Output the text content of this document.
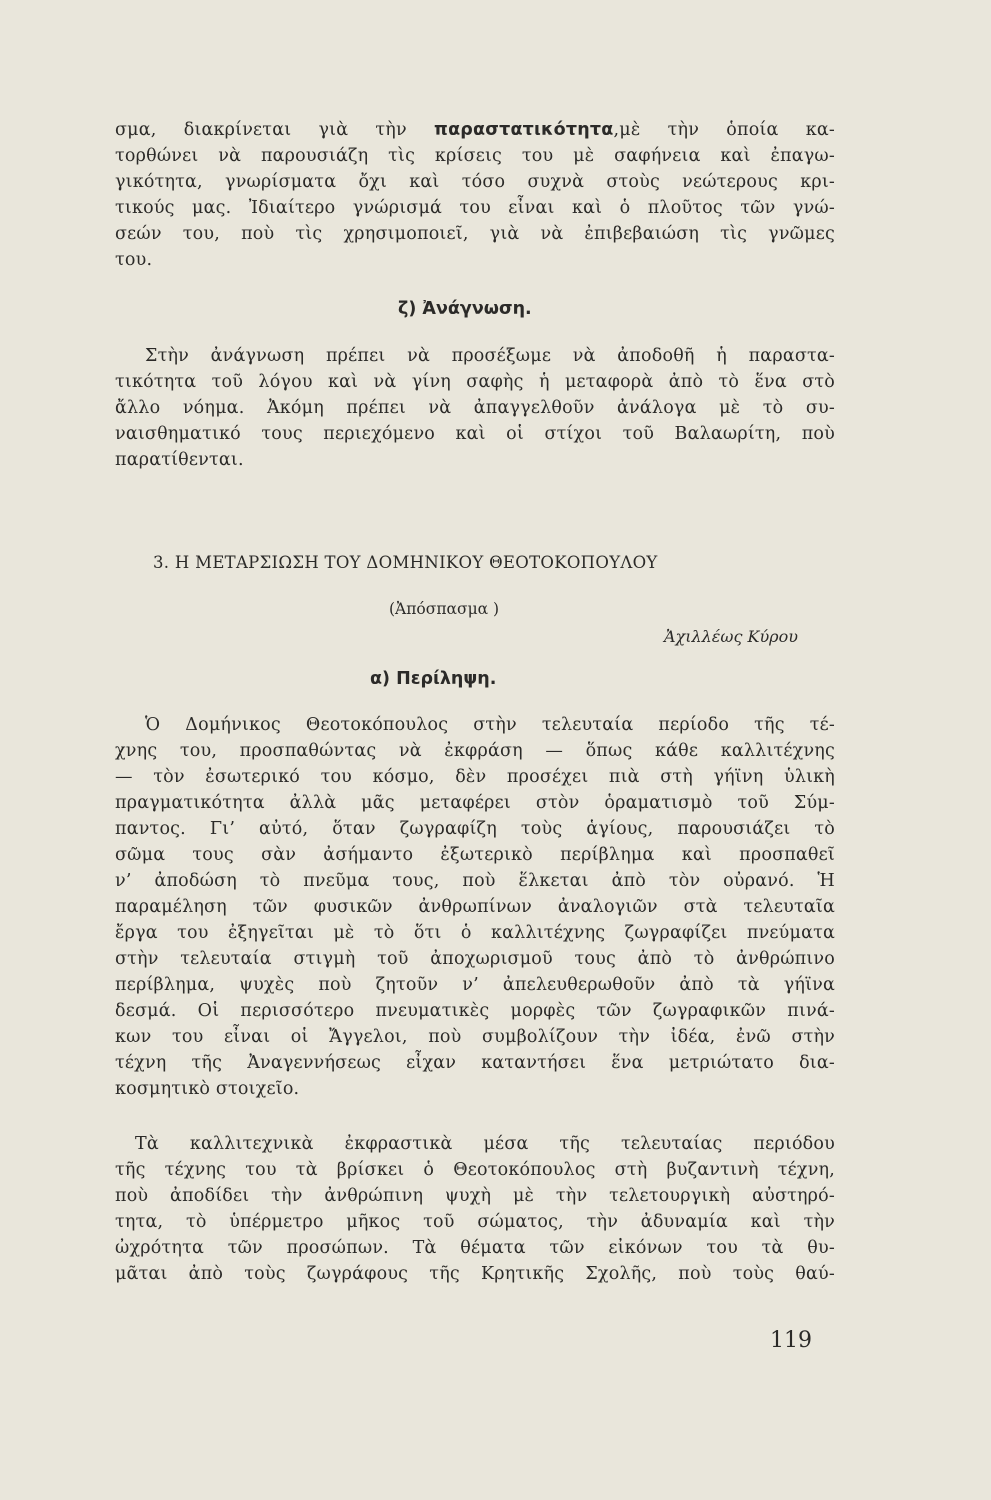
σμα, διακρίνεται γιὰ τὴν παραστατικότητα,μὲ τὴν ὁποία κα-
τορθώνει νὰ παρουσιάζη τὶς κρίσεις του μὲ σαφήνεια καὶ ἐπαγω-
γικότητα, γνωρίσματα ὄχι καὶ τόσο συχνὰ στοὺς νεώτερους κρι-
τικούς μας. Ἰδιαίτερο γνώρισμά του εἶναι καὶ ὁ πλοῦτος τῶν γνώ-
σεών του, ποὺ τὶς χρησιμοποιεῖ, γιὰ νὰ ἐπιβεβαιώση τὶς γνῶμες
του.
ζ) Ἀνάγνωση.
Στὴν ἀνάγνωση πρέπει νὰ προσέξωμε νὰ ἀποδοθῆ ἡ παραστα-
τικότητα τοῦ λόγου καὶ νὰ γίνη σαφὴς ἡ μεταφορὰ ἀπὸ τὸ ἕνα στὸ
ἄλλο νόημα. Ἀκόμη πρέπει νὰ ἀπαγγελθοῦν ἀνάλογα μὲ τὸ συ-
ναισθηματικό τους περιεχόμενο καὶ οἱ στίχοι τοῦ Βαλαωρίτη, ποὺ
παρατίθενται.
3. Η ΜΕΤΑΡΣΙΩΣΗ ΤΟΥ ΔΟΜΗΝΙΚΟΥ ΘΕΟΤΟΚΟΠΟΥΛΟΥ
(Ἀπόσπασμα )
Ἀχιλλέως Κύρου
α) Περίληψη.
Ὁ Δομήνικος Θεοτοκόπουλος στὴν τελευταία περίοδο τῆς τέ-
χνης του, προσπαθώντας νὰ ἐκφράση — ὅπως κάθε καλλιτέχνης
— τὸν ἐσωτερικό του κόσμο, δὲν προσέχει πιὰ στὴ γήϊνη ὑλικὴ
πραγματικότητα ἀλλὰ μᾶς μεταφέρει στὸν ὁραματισμὸ τοῦ Σύμ-
παντος. Γι’ αὐτό, ὅταν ζωγραφίζη τοὺς ἁγίους, παρουσιάζει τὸ
σῶμα τους σὰν ἀσήμαντο ἐξωτερικὸ περίβλημα καὶ προσπαθεῖ
ν’ ἀποδώση τὸ πνεῦμα τους, ποὺ ἕλκεται ἀπὸ τὸν οὐρανό. Ἡ
παραμέληση τῶν φυσικῶν ἀνθρωπίνων ἀναλογιῶν στὰ τελευταῖα
ἔργα του ἐξηγεῖται μὲ τὸ ὅτι ὁ καλλιτέχνης ζωγραφίζει πνεύματα
στὴν τελευταία στιγμὴ τοῦ ἀποχωρισμοῦ τους ἀπὸ τὸ ἀνθρώπινο
περίβλημα, ψυχὲς ποὺ ζητοῦν ν’ ἀπελευθερωθοῦν ἀπὸ τὰ γήϊνα
δεσμά. Οἱ περισσότερο πνευματικὲς μορφὲς τῶν ζωγραφικῶν πινά-
κων του εἶναι οἱ Ἄγγελοι, ποὺ συμβολίζουν τὴν ἰδέα, ἐνῶ στὴν
τέχνη τῆς Ἀναγεννήσεως εἶχαν καταντήσει ἕνα μετριώτατο δια-
κοσμητικὸ στοιχεῖο.
Τὰ καλλιτεχνικὰ ἐκφραστικὰ μέσα τῆς τελευταίας περιόδου
τῆς τέχνης του τὰ βρίσκει ὁ Θεοτοκόπουλος στὴ βυζαντινὴ τέχνη,
ποὺ ἀποδίδει τὴν ἀνθρώπινη ψυχὴ μὲ τὴν τελετουργικὴ αὐστηρό-
τητα, τὸ ὑπέρμετρο μῆκος τοῦ σώματος, τὴν ἀδυναμία καὶ τὴν
ὠχρότητα τῶν προσώπων. Τὰ θέματα τῶν εἰκόνων του τὰ θυ-
μᾶται ἀπὸ τοὺς ζωγράφους τῆς Κρητικῆς Σχολῆς, ποὺ τοὺς θαύ-
119
